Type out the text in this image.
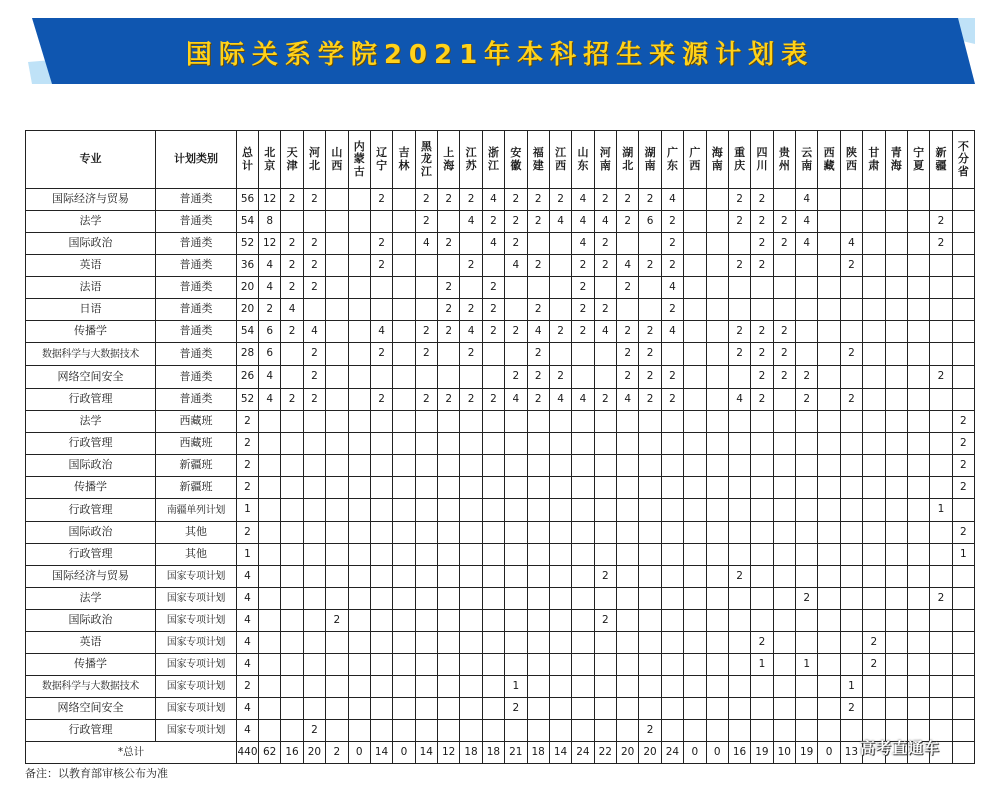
国际关系学院2021年本科招生来源计划表
专业	计划类别	总计	北京	天津	河北	山西	内蒙古	辽宁	吉林	黑龙江	上海	江苏	浙江	安徽	福建	江西	山东	河南	湖北	湖南	广东	广西	海南	重庆	四川	贵州	云南	西藏	陕西	甘肃	青海	宁夏	新疆	不分省
国际经济与贸易	普通类	56	12	2	2			2		2	2	2	4	2	2	2	4	2	2	2	4			2	2		4							
法学	普通类	54	8							2		4	2	2	2	4	4	4	2	6	2			2	2	2	4						2	
国际政治	普通类	52	12	2	2			2		4	2		4	2			4	2			2				2	2	4		4				2	
英语	普通类	36	4	2	2			2				2		4	2		2	2	4	2	2			2	2				2					
法语	普通类	20	4	2	2						2		2				2		2		4													
日语	普通类	20	2	4							2	2	2		2		2	2			2													
传播学	普通类	54	6	2	4			4		2	2	4	2	2	4	2	2	4	2	2	4			2	2	2								
数据科学与大数据技术	普通类	28	6		2			2		2		2			2				2	2				2	2	2			2					
网络空间安全	普通类	26	4		2									2	2	2			2	2	2				2	2	2						2	
行政管理	普通类	52	4	2	2			2		2	2	2	2	4	2	4	4	2	4	2	2			4	2		2		2					
法学	西藏班	2																																2
行政管理	西藏班	2																																2
国际政治	新疆班	2																																2
传播学	新疆班	2																																2
行政管理	南疆单列计划	1																															1	
国际政治	其他	2																																2
行政管理	其他	1																																1
国际经济与贸易	国家专项计划	4																2						2										
法学	国家专项计划	4																									2						2	
国际政治	国家专项计划	4				2												2																
英语	国家专项计划	4																							2					2				
传播学	国家专项计划	4																							1		1			2				
数据科学与大数据技术	国家专项计划	2												1															1					
网络空间安全	国家专项计划	4												2															2					
行政管理	国家专项计划	4			2															2														
*总计		440	62	16	20	2	0	14	0	14	12	18	18	21	18	14	24	22	20	20	24	0	0	16	19	10	19	0	13					
备注：以教育部审核公布为准
高考直通车
